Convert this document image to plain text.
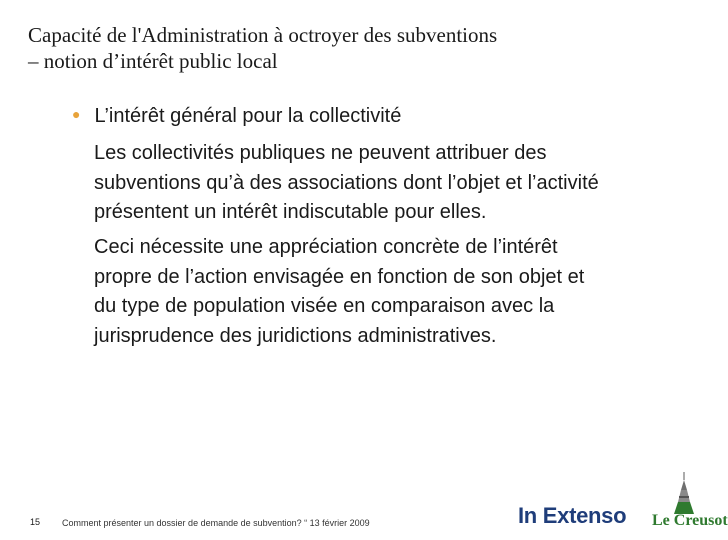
Capacité de l'Administration à octroyer des subventions
– notion d’intérêt public local
● L’intérêt général pour la collectivité
Les collectivités publiques ne peuvent attribuer des
subventions qu’à des associations dont l’objet et l’activité
présentent un intérêt indiscutable pour elles.
Ceci nécessite une appréciation concrète de l’intérêt
propre de l’action envisagée en fonction de son objet et
du type de population visée en comparaison avec la
jurisprudence des juridictions administratives.
15 Comment présenter un dossier de demande de subvention? “ 13 février 2009	In Extenso Le Creusot
